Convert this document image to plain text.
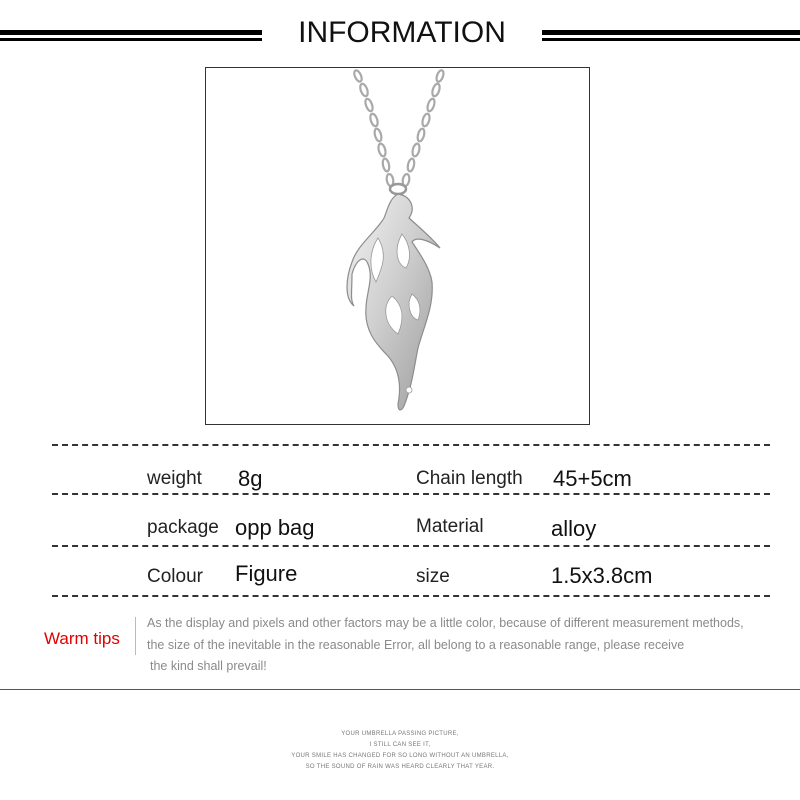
INFORMATION
weight 8g	Chain length 45+5cm
package opp bag	Material	alloy
Colour Figure	size	1.5x3.8cm
Warm tips
As the display and pixels and other factors may be a little color, because of different measurement methods,
the size of the inevitable in the reasonable Error, all belong to a reasonable range, please receive
the kind shall prevail!
YOUR UMBRELLA PASSING PICTURE,
I STILL CAN SEE IT,
YOUR SMILE HAS CHANGED FOR SO LONG WITHOUT AN UMBRELLA,
SO THE SOUND OF RAIN WAS HEARD CLEARLY THAT YEAR.
